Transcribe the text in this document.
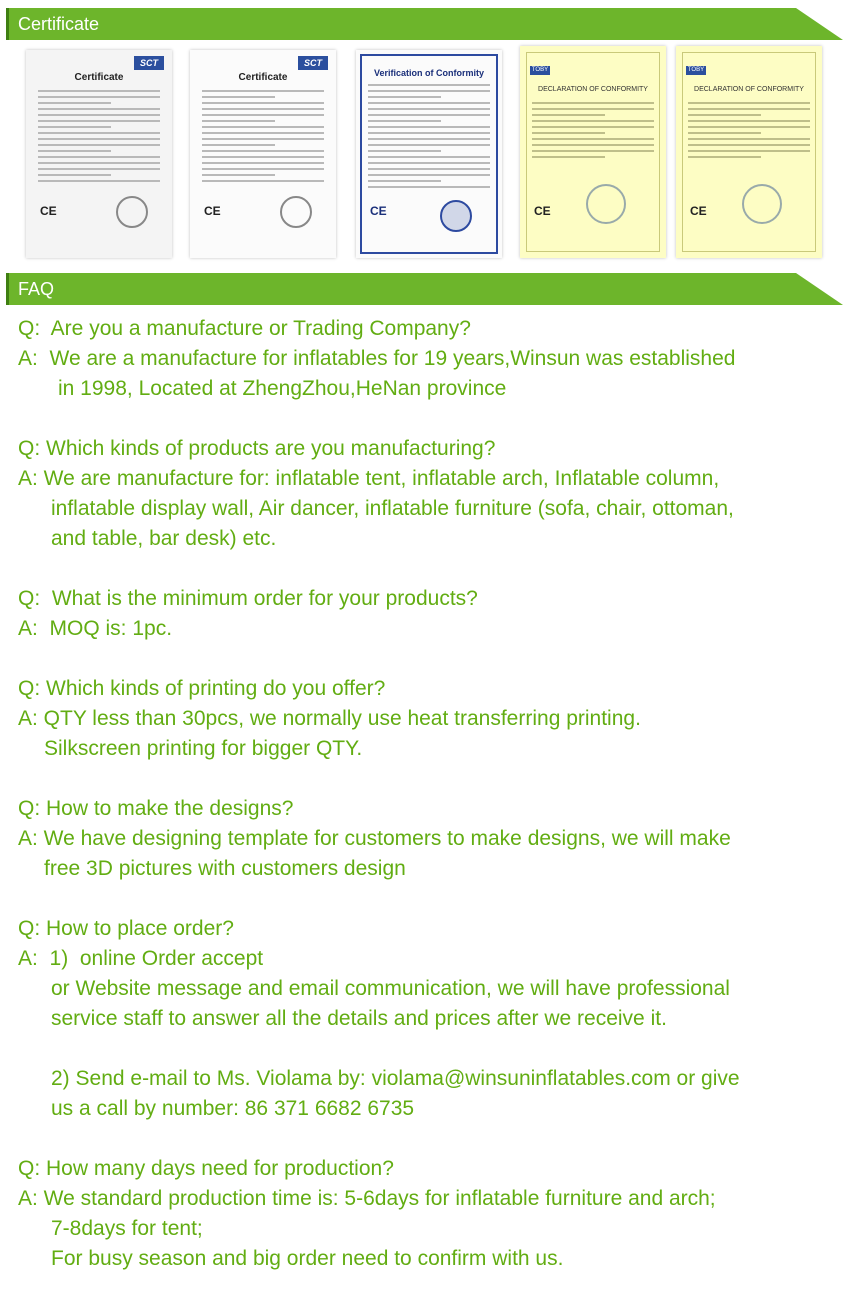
Certificate
SCT
Certificate
CE
SCT
Certificate
CE
Verification of Conformity
CE
TOBY
DECLARATION OF CONFORMITY
CE
TOBY
DECLARATION OF CONFORMITY
CE
FAQ
Q:  Are you a manufacture or Trading Company?
A:  We are a manufacture for inflatables for 19 years,Winsun was established
in 1998, Located at ZhengZhou,HeNan province
Q: Which kinds of products are you manufacturing?
A: We are manufacture for: inflatable tent, inflatable arch, Inflatable column,
inflatable display wall, Air dancer, inflatable furniture (sofa, chair, ottoman,
and table, bar desk) etc.
Q:  What is the minimum order for your products?
A:  MOQ is: 1pc.
Q: Which kinds of printing do you offer?
A: QTY less than 30pcs, we normally use heat transferring printing.
Silkscreen printing for bigger QTY.
Q: How to make the designs?
A: We have designing template for customers to make designs, we will make
free 3D pictures with customers design
Q: How to place order?
A:  1)  online Order accept
or Website message and email communication, we will have professional
service staff to answer all the details and prices after we receive it.
2) Send e-mail to Ms. Violama by: violama@winsuninflatables.com or give
us a call by number: 86 371 6682 6735
Q: How many days need for production?
A: We standard production time is: 5-6days for inflatable furniture and arch;
7-8days for tent;
For busy season and big order need to confirm with us.
